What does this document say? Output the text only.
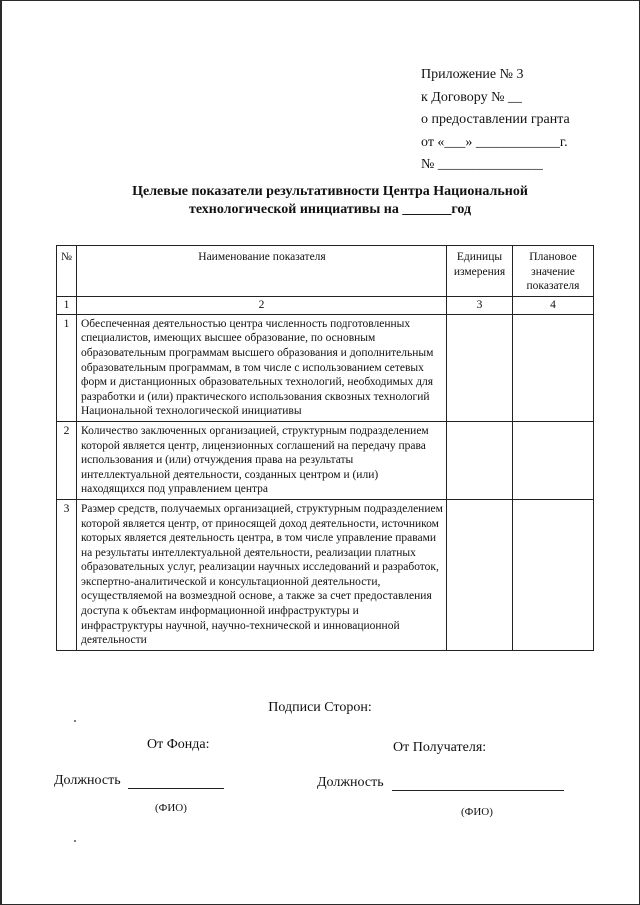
Приложение № 3
к Договору № __
о предоставлении гранта
от «___» ____________г.
№ _______________
Целевые показатели результативности Центра Национальной
технологической инициативы на _______год
№	Наименование показателя	Единицы измерения	Плановое значение показателя
1	2	3	4
1	Обеспеченная деятельностью центра численность подготовленных специалистов, имеющих высшее образование, по основным образовательным программам высшего образования и дополнительным образовательным программам, в том числе с использованием сетевых форм и дистанционных образовательных технологий, необходимых для разработки и (или) практического использования сквозных технологий Национальной технологической инициативы		
2	Количество заключенных организацией, структурным подразделением которой является центр, лицензионных соглашений на передачу права использования и (или) отчуждения права на результаты интеллектуальной деятельности, созданных центром и (или) находящихся под управлением центра		
3	Размер средств, получаемых организацией, структурным подразделением которой является центр, от приносящей доход деятельности, источником которых является деятельность центра, в том числе управление правами на результаты интеллектуальной деятельности, реализации платных образовательных услуг, реализации научных исследований и разработок, экспертно-аналитической и консультационной деятельности, осуществляемой на возмездной основе, а также за счет предоставления доступа к объектам информационной инфраструктуры и инфраструктуры научной, научно-технической и инновационной деятельности		
Подписи Сторон:
От Фонда:	От Получателя:
Должность	Должность
(ФИО)	(ФИО)
